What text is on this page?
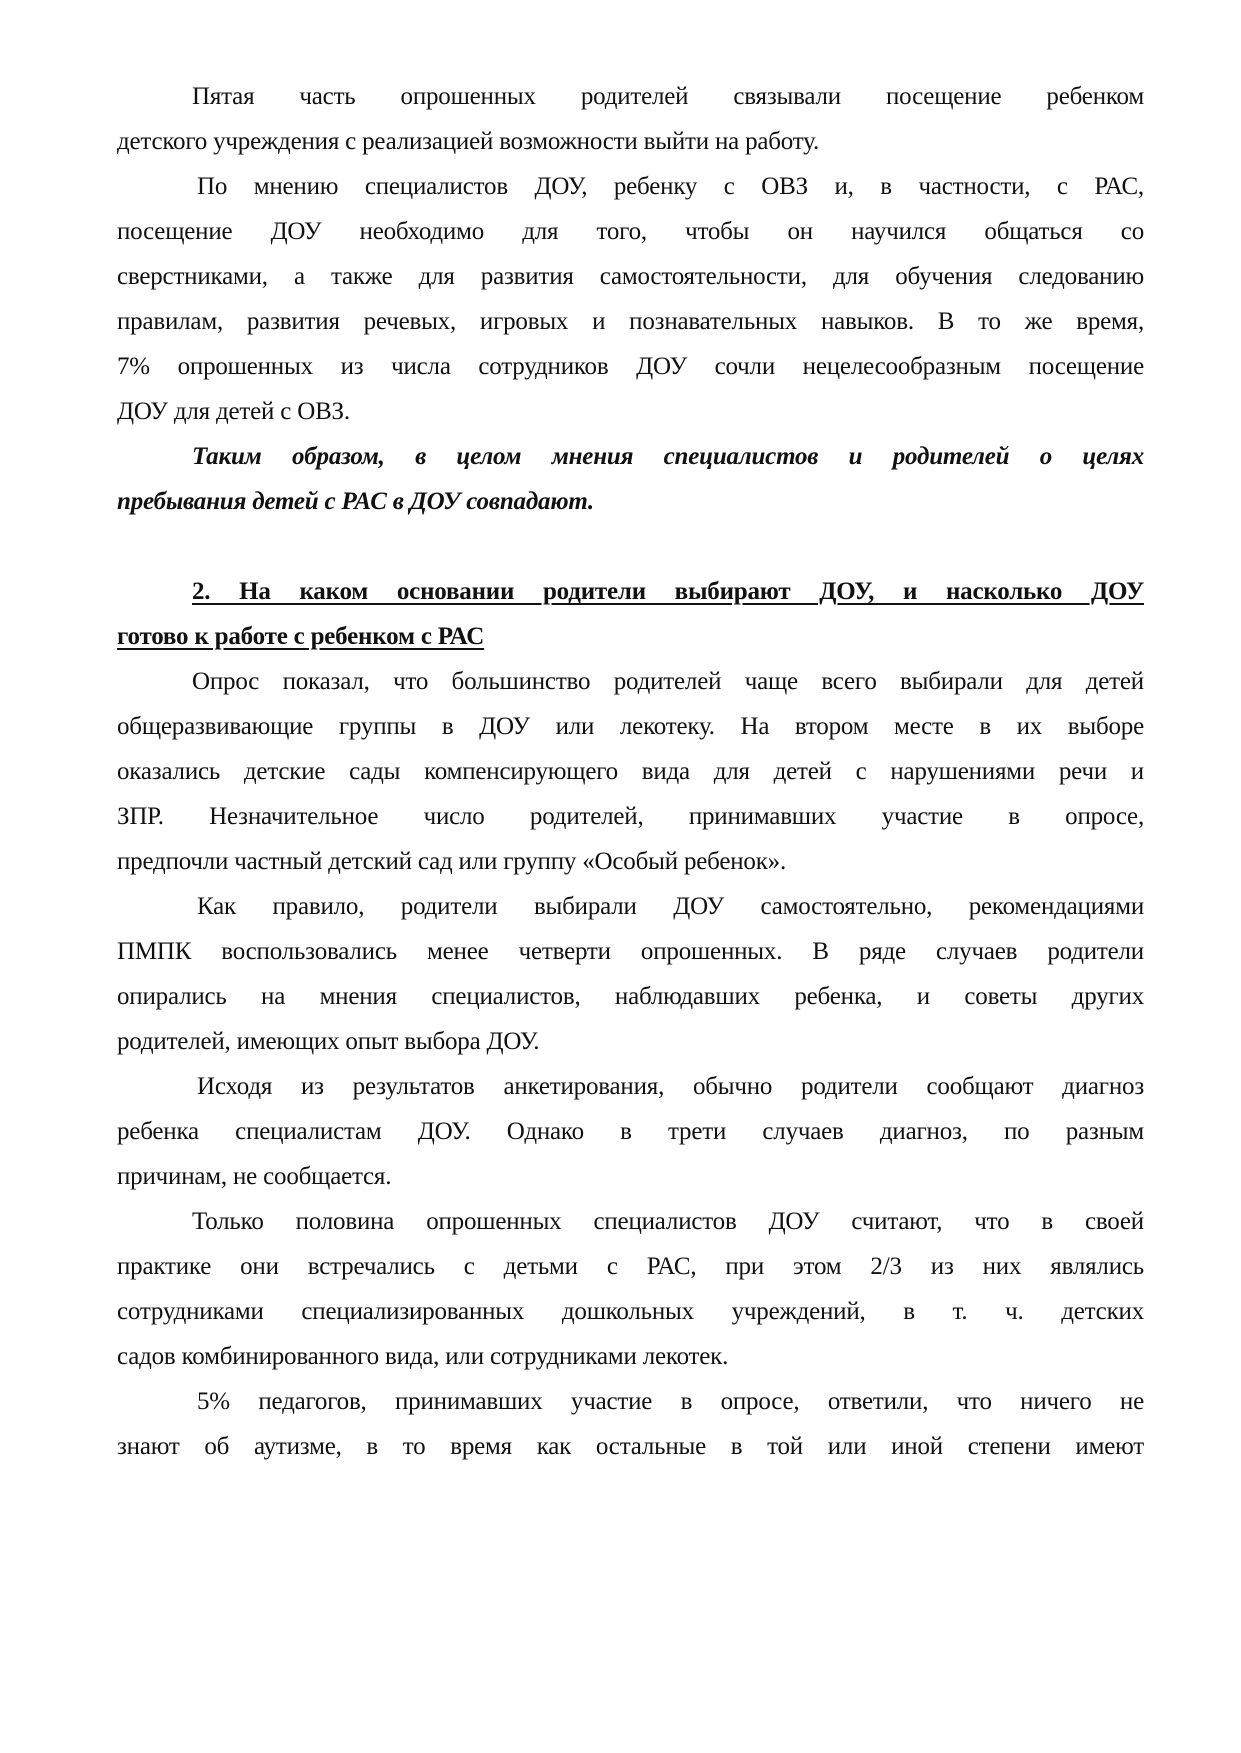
Пятая часть опрошенных родителей связывали посещение ребенком
детского учреждения с реализацией возможности выйти на работу.
По мнению специалистов ДОУ, ребенку с ОВЗ и, в частности, с РАС,
посещение ДОУ необходимо для того, чтобы он научился общаться со
сверстниками, а также для развития самостоятельности, для обучения следованию
правилам, развития речевых, игровых и познавательных навыков. В то же время,
7% опрошенных из числа сотрудников ДОУ сочли нецелесообразным посещение
ДОУ для детей с ОВЗ.
Таким образом, в целом мнения специалистов и родителей о целях
пребывания детей с РАС в ДОУ совпадают.
2. На каком основании родители выбирают ДОУ, и насколько ДОУ
готово к работе с ребенком с РАС
Опрос показал, что большинство родителей чаще всего выбирали для детей
общеразвивающие группы в ДОУ или лекотеку. На втором месте в их выборе
оказались детские сады компенсирующего вида для детей с нарушениями речи и
ЗПР. Незначительное число родителей, принимавших участие в опросе,
предпочли частный детский сад или группу «Особый ребенок».
Как правило, родители выбирали ДОУ самостоятельно, рекомендациями
ПМПК воспользовались менее четверти опрошенных. В ряде случаев родители
опирались на мнения специалистов, наблюдавших ребенка, и советы других
родителей, имеющих опыт выбора ДОУ.
Исходя из результатов анкетирования, обычно родители сообщают диагноз
ребенка специалистам ДОУ. Однако в трети случаев диагноз, по разным
причинам, не сообщается.
Только половина опрошенных специалистов ДОУ считают, что в своей
практике они встречались с детьми с РАС, при этом 2/3 из них являлись
сотрудниками специализированных дошкольных учреждений, в т. ч. детских
садов комбинированного вида, или сотрудниками лекотек.
5% педагогов, принимавших участие в опросе, ответили, что ничего не
знают об аутизме, в то время как остальные в той или иной степени имеют
